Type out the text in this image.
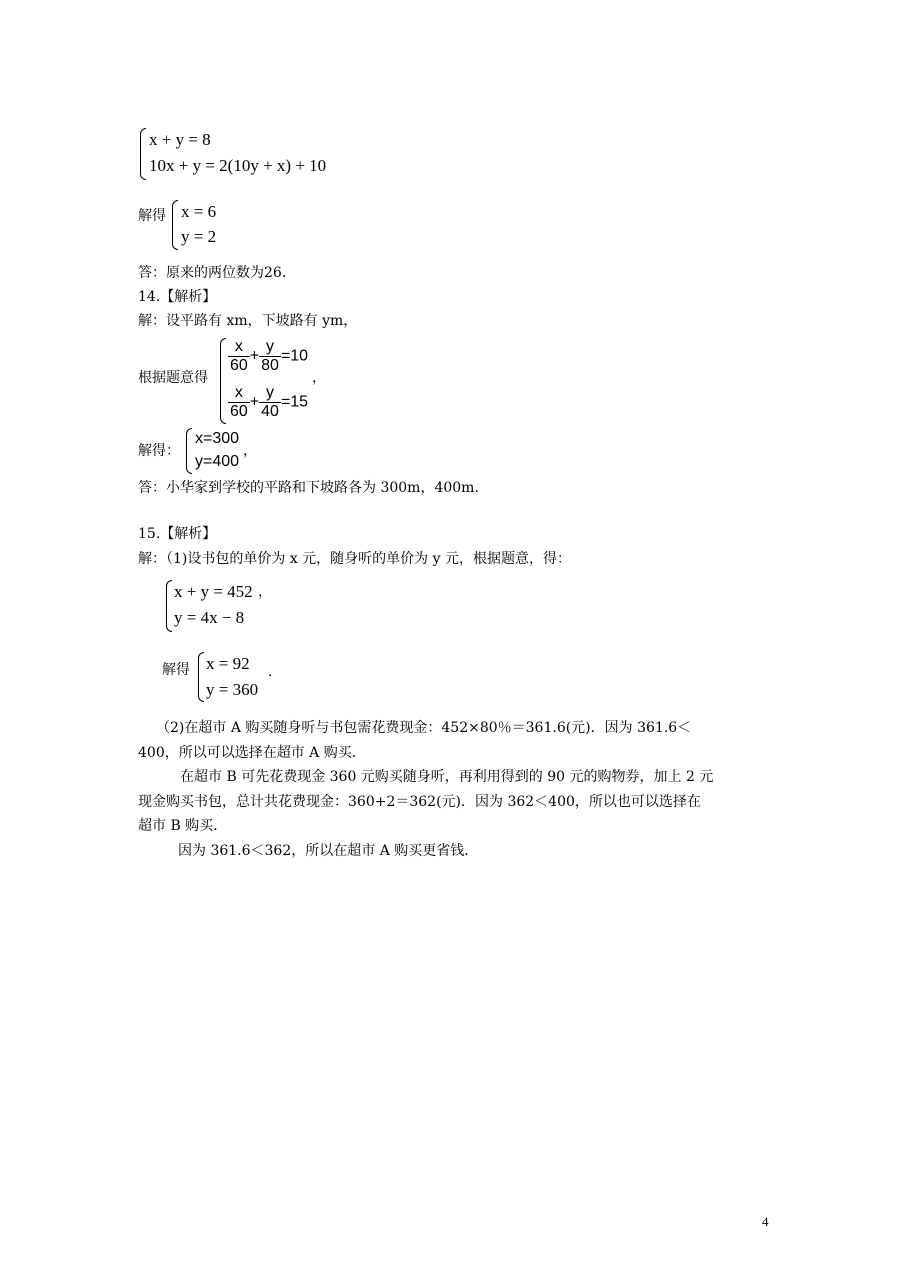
x + y = 8
10x + y = 2(10y + x) + 10
解得 x = 6
y = 2
答：原来的两位数为26.
14.【解析】
解：设平路有 xm，下坡路有 ym，
根据题意得
$\frac{x}{60} + \frac{y}{80} =10$
$\frac{x}{60} + \frac{y}{40} =15$
，
解得：
x=300
y=400
，
答：小华家到学校的平路和下坡路各为 300m，400m.
15.【解析】
解：（1)设书包的单价为 x 元，随身听的单价为 y 元，根据题意，得：
x + y = 452
y = 4x − 8
，
解得 x = 92
y = 360
.
（2)在超市 A 购买随身听与书包需花费现金：452×80％＝361.6(元)．因为 361.6＜
400，所以可以选择在超市 A 购买．
在超市 B 可先花费现金 360 元购买随身听，再利用得到的 90 元的购物券，加上 2 元
现金购买书包，总计共花费现金：360+2＝362(元)．因为 362＜400，所以也可以选择在
超市 B 购买．
因为 361.6＜362，所以在超市 A 购买更省钱．
4
